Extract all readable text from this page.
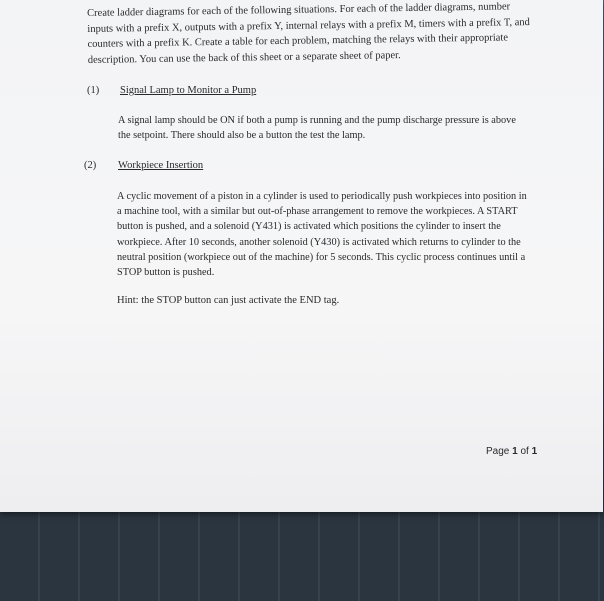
Create ladder diagrams for each of the following situations. For each of the ladder diagrams, number inputs with a prefix X, outputs with a prefix Y, internal relays with a prefix M, timers with a prefix T, and counters with a prefix K. Create a table for each problem, matching the relays with their appropriate description. You can use the back of this sheet or a separate sheet of paper.

(1) Signal Lamp to Monitor a Pump

A signal lamp should be ON if both a pump is running and the pump discharge pressure is above the setpoint. There should also be a button the test the lamp.

(2) Workpiece Insertion

A cyclic movement of a piston in a cylinder is used to periodically push workpieces into position in a machine tool, with a similar but out-of-phase arrangement to remove the workpieces. A START button is pushed, and a solenoid (Y431) is activated which positions the cylinder to insert the workpiece. After 10 seconds, another solenoid (Y430) is activated which returns to cylinder to the neutral position (workpiece out of the machine) for 5 seconds. This cyclic process continues until a STOP button is pushed.

Hint: the STOP button can just activate the END tag.

Page 1 of 1
